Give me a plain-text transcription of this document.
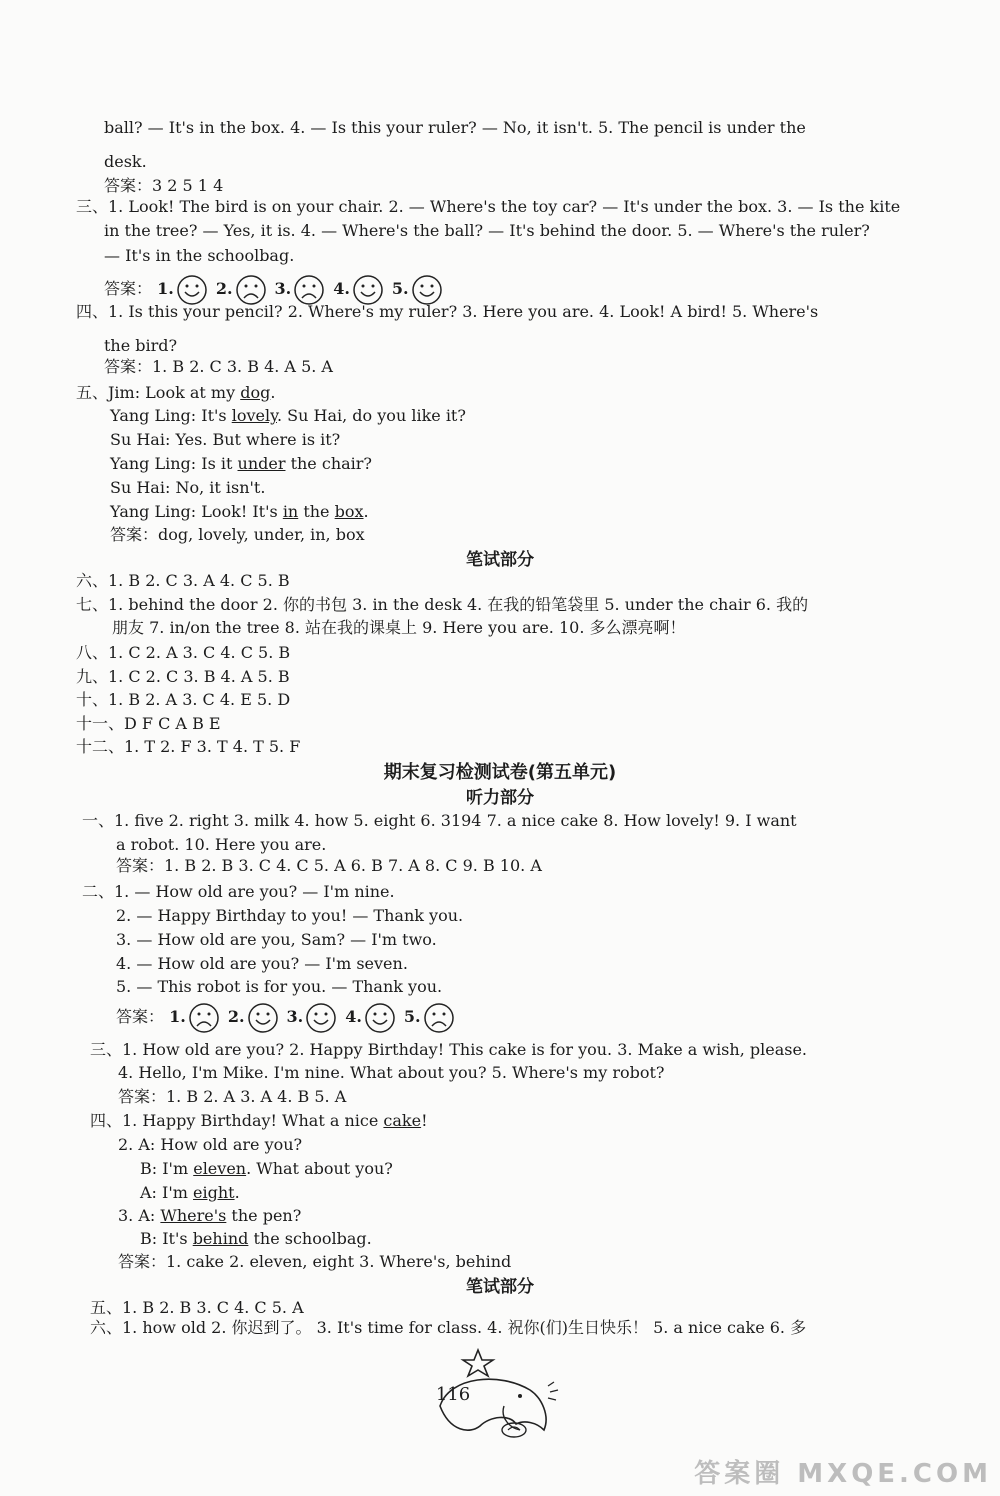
ball? — It's in the box. 4. — Is this your ruler? — No, it isn't. 5. The pencil is under the
desk.
答案：3 2 5 1 4
三、1. Look! The bird is on your chair. 2. — Where's the toy car? — It's under the box. 3. — Is the kite
in the tree? — Yes, it is. 4. — Where's the ball? — It's behind the door. 5. — Where's the ruler?
— It's in the schoolbag.
答案： 1.	2.	3.	4.	5.
四、1. Is this your pencil? 2. Where's my ruler? 3. Here you are. 4. Look! A bird! 5. Where's
the bird?
答案：1. B 2. C 3. B 4. A 5. A
五、Jim: Look at my dog.
Yang Ling: It's lovely. Su Hai, do you like it?
Su Hai: Yes. But where is it?
Yang Ling: Is it under the chair?
Su Hai: No, it isn't.
Yang Ling: Look! It's in the box.
答案：dog, lovely, under, in, box
笔试部分
六、1. B 2. C 3. A 4. C 5. B
七、1. behind the door 2. 你的书包 3. in the desk 4. 在我的铅笔袋里 5. under the chair 6. 我的
朋友 7. in/on the tree 8. 站在我的课桌上 9. Here you are. 10. 多么漂亮啊！
八、1. C 2. A 3. C 4. C 5. B
九、1. C 2. C 3. B 4. A 5. B
十、1. B 2. A 3. C 4. E 5. D
十一、D F C A B E
十二、1. T 2. F 3. T 4. T 5. F
期末复习检测试卷(第五单元)
听力部分
一、1. five 2. right 3. milk 4. how 5. eight 6. 3194 7. a nice cake 8. How lovely! 9. I want
a robot. 10. Here you are.
答案：1. B 2. B 3. C 4. C 5. A 6. B 7. A 8. C 9. B 10. A
二、1. — How old are you? — I'm nine.
2. — Happy Birthday to you! — Thank you.
3. — How old are you, Sam? — I'm two.
4. — How old are you? — I'm seven.
5. — This robot is for you. — Thank you.
答案： 1.	2.	3.	4.	5.
三、1. How old are you? 2. Happy Birthday! This cake is for you. 3. Make a wish, please.
4. Hello, I'm Mike. I'm nine. What about you? 5. Where's my robot?
答案：1. B 2. A 3. A 4. B 5. A
四、1. Happy Birthday! What a nice cake!
2. A: How old are you?
B: I'm eleven. What about you?
A: I'm eight.
3. A: Where's the pen?
B: It's behind the schoolbag.
答案：1. cake 2. eleven, eight 3. Where's, behind
笔试部分
五、1. B 2. B 3. C 4. C 5. A
六、1. how old 2. 你迟到了。 3. It's time for class. 4. 祝你(们)生日快乐！ 5. a nice cake 6. 多
116
答案圈 MXQE.COM
